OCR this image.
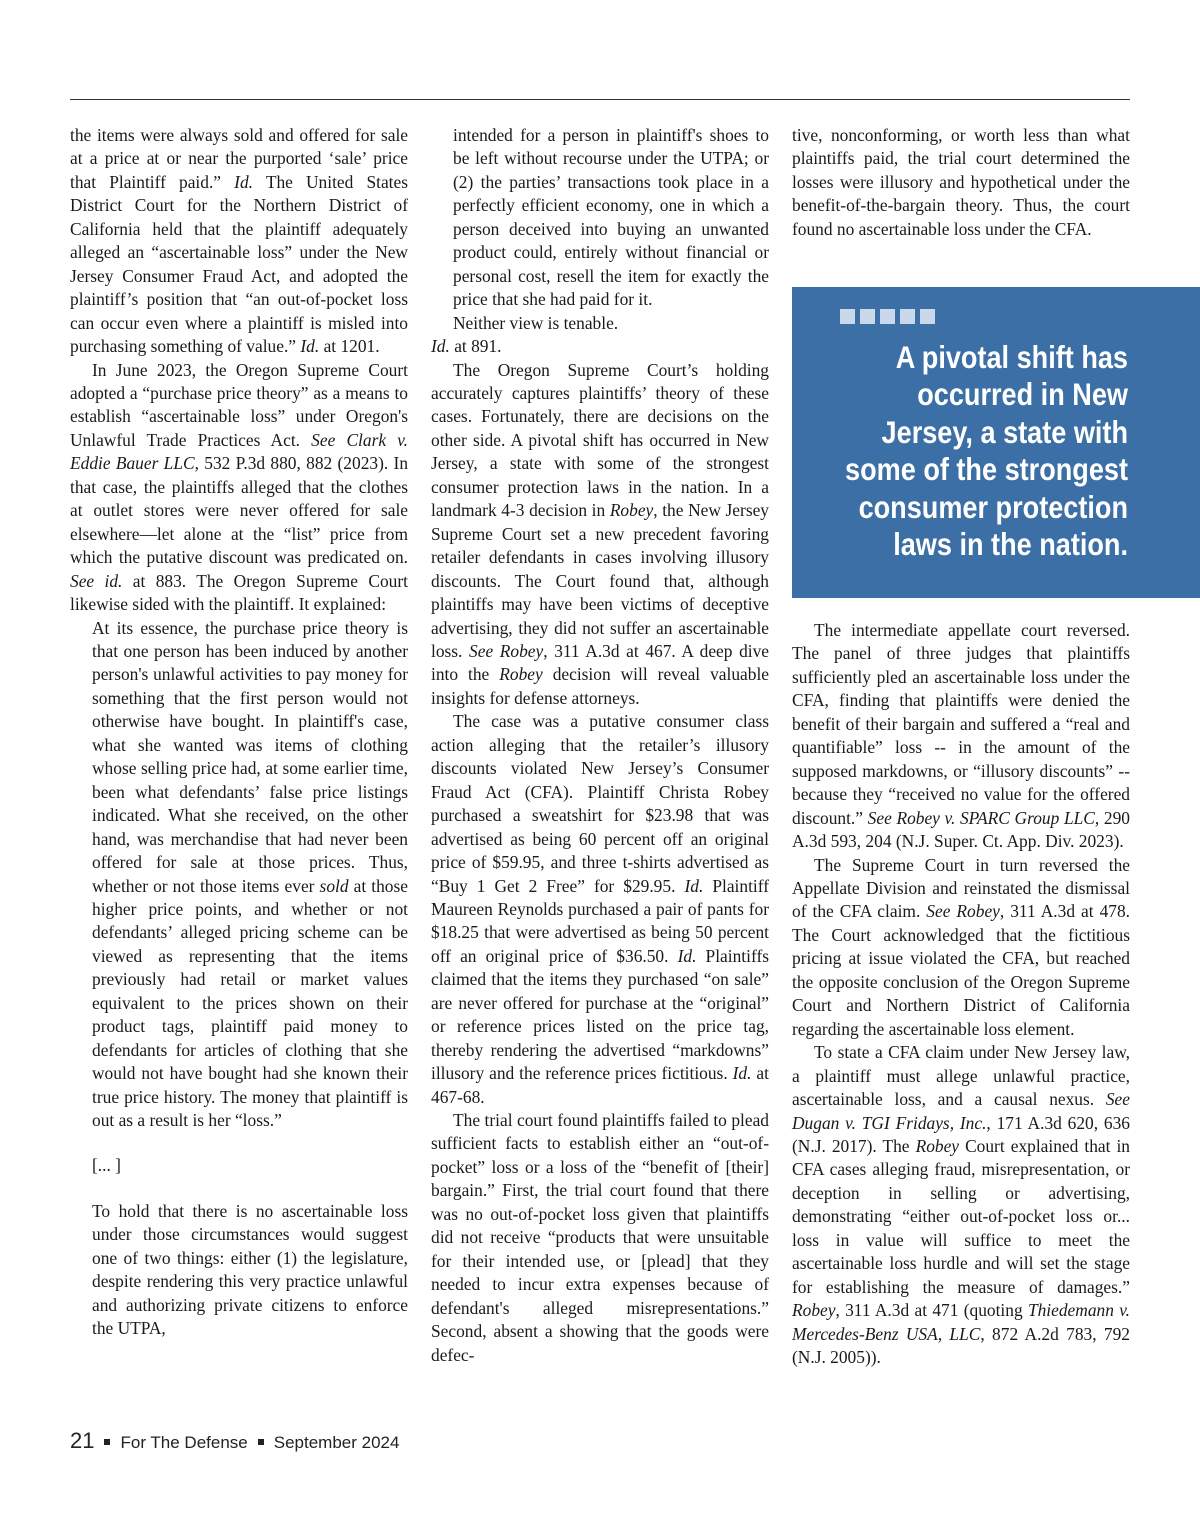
the items were always sold and offered for sale at a price at or near the purported ‘sale’ price that Plaintiff paid.” Id. The United States District Court for the Northern District of California held that the plaintiff adequately alleged an “ascertainable loss” under the New Jersey Consumer Fraud Act, and adopted the plaintiff’s position that “an out-of-pocket loss can occur even where a plaintiff is misled into purchasing something of value.” Id. at 1201.

In June 2023, the Oregon Supreme Court adopted a “purchase price theory” as a means to establish “ascertainable loss” under Oregon's Unlawful Trade Practices Act. See Clark v. Eddie Bauer LLC, 532 P.3d 880, 882 (2023). In that case, the plaintiffs alleged that the clothes at outlet stores were never offered for sale elsewhere—let alone at the “list” price from which the putative discount was predicated on. See id. at 883. The Oregon Supreme Court likewise sided with the plaintiff. It explained:

At its essence, the purchase price theory is that one person has been induced by another person's unlawful activities to pay money for something that the first person would not otherwise have bought. In plaintiff's case, what she wanted was items of clothing whose selling price had, at some earlier time, been what defendants’ false price listings indicated. What she received, on the other hand, was merchandise that had never been offered for sale at those prices. Thus, whether or not those items ever sold at those higher price points, and whether or not defendants’ alleged pricing scheme can be viewed as representing that the items previously had retail or market values equivalent to the prices shown on their product tags, plaintiff paid money to defendants for articles of clothing that she would not have bought had she known their true price history. The money that plaintiff is out as a result is her “loss.”

[... ]

To hold that there is no ascertainable loss under those circumstances would suggest one of two things: either (1) the legislature, despite rendering this very practice unlawful and authorizing private citizens to enforce the UTPA,

intended for a person in plaintiff's shoes to be left without recourse under the UTPA; or (2) the parties’ transactions took place in a perfectly efficient economy, one in which a person deceived into buying an unwanted product could, entirely without financial or personal cost, resell the item for exactly the price that she had paid for it.

Neither view is tenable.

Id. at 891.

The Oregon Supreme Court’s holding accurately captures plaintiffs’ theory of these cases. Fortunately, there are decisions on the other side. A pivotal shift has occurred in New Jersey, a state with some of the strongest consumer protection laws in the nation. In a landmark 4-3 decision in Robey, the New Jersey Supreme Court set a new precedent favoring retailer defendants in cases involving illusory discounts. The Court found that, although plaintiffs may have been victims of deceptive advertising, they did not suffer an ascertainable loss. See Robey, 311 A.3d at 467. A deep dive into the Robey decision will reveal valuable insights for defense attorneys.

The case was a putative consumer class action alleging that the retailer’s illusory discounts violated New Jersey’s Consumer Fraud Act (CFA). Plaintiff Christa Robey purchased a sweatshirt for $23.98 that was advertised as being 60 percent off an original price of $59.95, and three t-shirts advertised as “Buy 1 Get 2 Free” for $29.95. Id. Plaintiff Maureen Reynolds purchased a pair of pants for $18.25 that were advertised as being 50 percent off an original price of $36.50. Id. Plaintiffs claimed that the items they purchased “on sale” are never offered for purchase at the “original” or reference prices listed on the price tag, thereby rendering the advertised “markdowns” illusory and the reference prices fictitious. Id. at 467-68.

The trial court found plaintiffs failed to plead sufficient facts to establish either an “out-of-pocket” loss or a loss of the “benefit of [their] bargain.” First, the trial court found that there was no out-of-pocket loss given that plaintiffs did not receive “products that were unsuitable for their intended use, or [plead] that they needed to incur extra expenses because of defendant's alleged misrepresentations.” Second, absent a showing that the goods were defec-

tive, nonconforming, or worth less than what plaintiffs paid, the trial court determined the losses were illusory and hypothetical under the benefit-of-the-bargain theory. Thus, the court found no ascertainable loss under the CFA.

A pivotal shift has occurred in New Jersey, a state with some of the strongest consumer protection laws in the nation.

The intermediate appellate court reversed. The panel of three judges that plaintiffs sufficiently pled an ascertainable loss under the CFA, finding that plaintiffs were denied the benefit of their bargain and suffered a “real and quantifiable” loss -- in the amount of the supposed markdowns, or “illusory discounts” -- because they “received no value for the offered discount.” See Robey v. SPARC Group LLC, 290 A.3d 593, 204 (N.J. Super. Ct. App. Div. 2023).

The Supreme Court in turn reversed the Appellate Division and reinstated the dismissal of the CFA claim. See Robey, 311 A.3d at 478. The Court acknowledged that the fictitious pricing at issue violated the CFA, but reached the opposite conclusion of the Oregon Supreme Court and Northern District of California regarding the ascertainable loss element.

To state a CFA claim under New Jersey law, a plaintiff must allege unlawful practice, ascertainable loss, and a causal nexus. See Dugan v. TGI Fridays, Inc., 171 A.3d 620, 636 (N.J. 2017). The Robey Court explained that in CFA cases alleging fraud, misrepresentation, or deception in selling or advertising, demonstrating “either out-of-pocket loss or... loss in value will suffice to meet the ascertainable loss hurdle and will set the stage for establishing the measure of damages.” Robey, 311 A.3d at 471 (quoting Thiedemann v. Mercedes-Benz USA, LLC, 872 A.2d 783, 792 (N.J. 2005)).

21 For The Defense September 2024
